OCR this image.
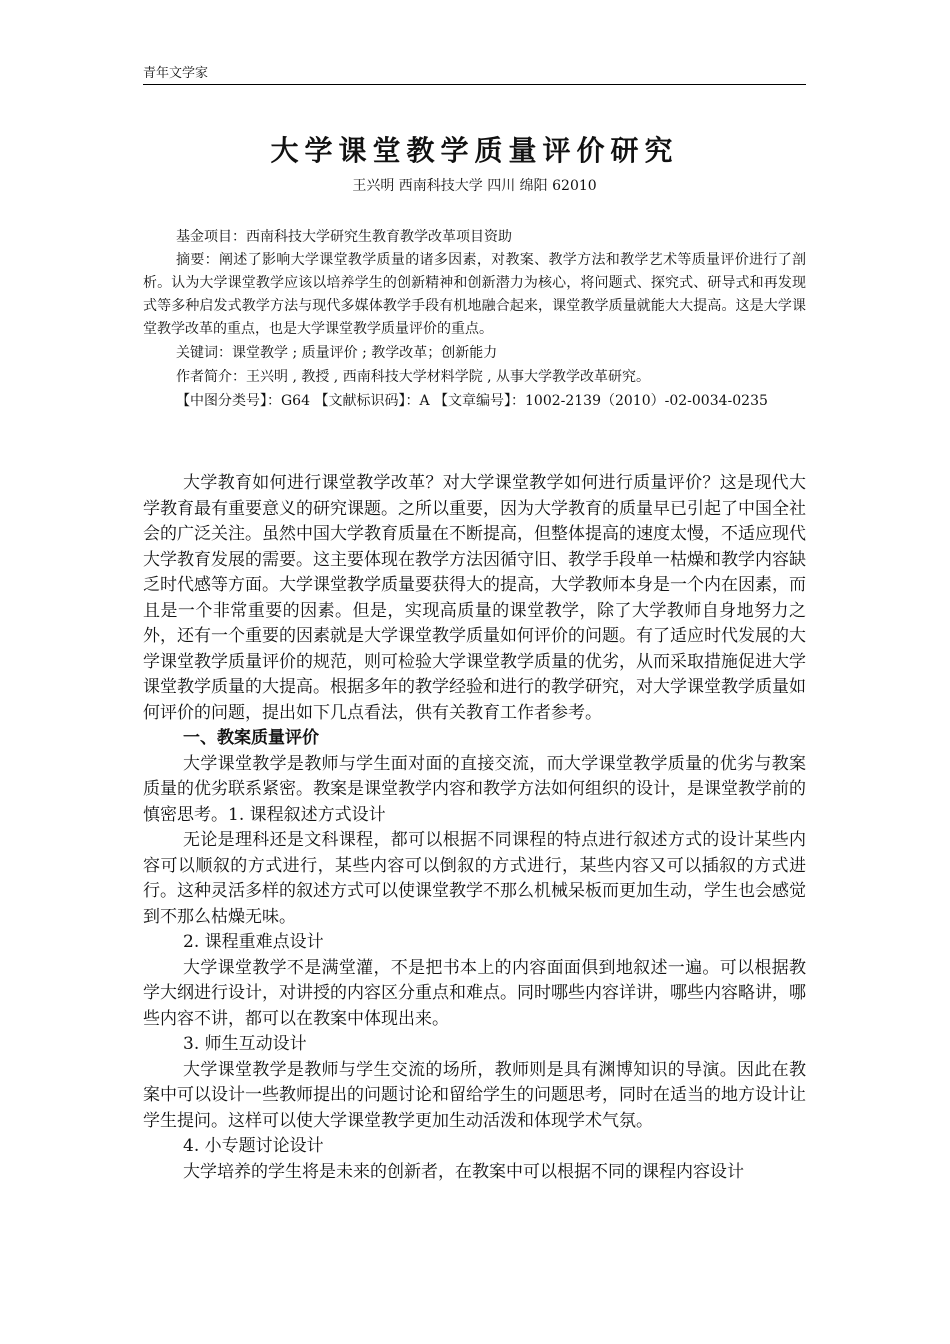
青年文学家
大学课堂教学质量评价研究
王兴明 西南科技大学 四川 绵阳 62010

基金项目：西南科技大学研究生教育教学改革项目资助

摘要：阐述了影响大学课堂教学质量的诸多因素，对教案、教学方法和教学艺术等质量评价进行了剖析。认为大学课堂教学应该以培养学生的创新精神和创新潜力为核心，将问题式、探究式、研导式和再发现式等多种启发式教学方法与现代多媒体教学手段有机地融合起来，课堂教学质量就能大大提高。这是大学课堂教学改革的重点，也是大学课堂教学质量评价的重点。

关键词：课堂教学 ; 质量评价 ; 教学改革；创新能力

作者简介：王兴明 , 教授 , 西南科技大学材料学院 , 从事大学教学改革研究。

【中图分类号】：G64 【文献标识码】：A 【文章编号】：1002-2139（2010）-02-0034-0235

大学教育如何进行课堂教学改革？对大学课堂教学如何进行质量评价？这是现代大学教育最有重要意义的研究课题。之所以重要，因为大学教育的质量早已引起了中国全社会的广泛关注。虽然中国大学教育质量在不断提高，但整体提高的速度太慢，不适应现代大学教育发展的需要。这主要体现在教学方法因循守旧、教学手段单一枯燥和教学内容缺乏时代感等方面。大学课堂教学质量要获得大的提高，大学教师本身是一个内在因素，而且是一个非常重要的因素。但是，实现高质量的课堂教学，除了大学教师自身地努力之外，还有一个重要的因素就是大学课堂教学质量如何评价的问题。有了适应时代发展的大学课堂教学质量评价的规范，则可检验大学课堂教学质量的优劣，从而采取措施促进大学课堂教学质量的大提高。根据多年的教学经验和进行的教学研究，对大学课堂教学质量如何评价的问题，提出如下几点看法，供有关教育工作者参考。

一、教案质量评价

大学课堂教学是教师与学生面对面的直接交流，而大学课堂教学质量的优劣与教案质量的优劣联系紧密。教案是课堂教学内容和教学方法如何组织的设计，是课堂教学前的慎密思考。1. 课程叙述方式设计

无论是理科还是文科课程，都可以根据不同课程的特点进行叙述方式的设计某些内容可以顺叙的方式进行，某些内容可以倒叙的方式进行，某些内容又可以插叙的方式进行。这种灵活多样的叙述方式可以使课堂教学不那么机械呆板而更加生动，学生也会感觉到不那么枯燥无味。

2. 课程重难点设计

大学课堂教学不是满堂灌，不是把书本上的内容面面俱到地叙述一遍。可以根据教学大纲进行设计，对讲授的内容区分重点和难点。同时哪些内容详讲，哪些内容略讲，哪些内容不讲，都可以在教案中体现出来。

3. 师生互动设计

大学课堂教学是教师与学生交流的场所，教师则是具有渊博知识的导演。因此在教案中可以设计一些教师提出的问题讨论和留给学生的问题思考，同时在适当的地方设计让学生提问。这样可以使大学课堂教学更加生动活泼和体现学术气氛。

4. 小专题讨论设计

大学培养的学生将是未来的创新者，在教案中可以根据不同的课程内容设计
